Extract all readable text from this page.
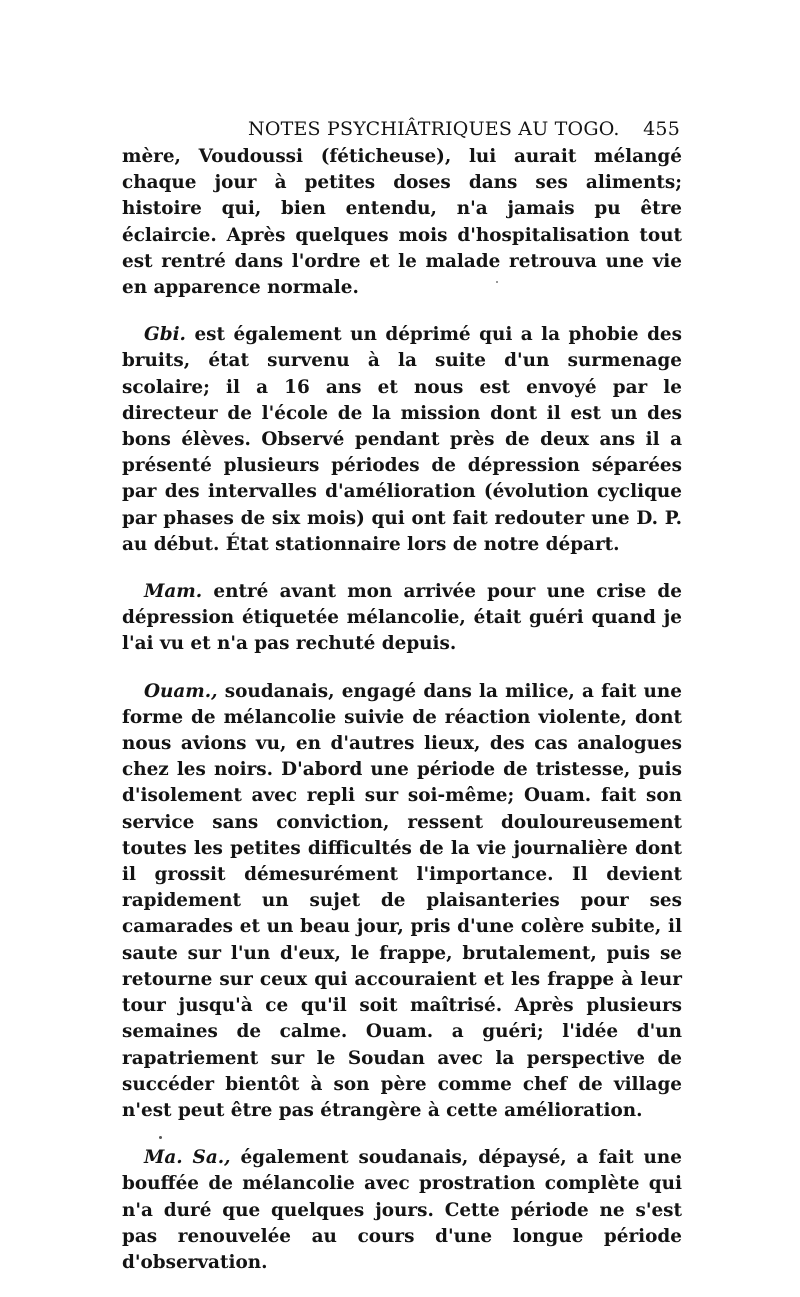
NOTES PSYCHIÂTRIQUES AU TOGO. 455

mère, Voudoussi (féticheuse), lui aurait mélangé chaque jour à petites doses dans ses aliments; histoire qui, bien entendu, n'a jamais pu être éclaircie. Après quelques mois d'hospitalisation tout est rentré dans l'ordre et le malade retrouva une vie en apparence normale.

Gbi. est également un déprimé qui a la phobie des bruits, état survenu à la suite d'un surmenage scolaire; il a 16 ans et nous est envoyé par le directeur de l'école de la mission dont il est un des bons élèves. Observé pendant près de deux ans il a présenté plusieurs périodes de dépression séparées par des intervalles d'amélioration (évolution cyclique par phases de six mois) qui ont fait redouter une D. P. au début. État stationnaire lors de notre départ.

Mam. entré avant mon arrivée pour une crise de dépression étiquetée mélancolie, était guéri quand je l'ai vu et n'a pas rechuté depuis.

Ouam., soudanais, engagé dans la milice, a fait une forme de mélancolie suivie de réaction violente, dont nous avions vu, en d'autres lieux, des cas analogues chez les noirs. D'abord une période de tristesse, puis d'isolement avec repli sur soi-même; Ouam. fait son service sans conviction, ressent douloureusement toutes les petites difficultés de la vie journalière dont il grossit démesurément l'importance. Il devient rapidement un sujet de plaisanteries pour ses camarades et un beau jour, pris d'une colère subite, il saute sur l'un d'eux, le frappe, brutalement, puis se retourne sur ceux qui accouraient et les frappe à leur tour jusqu'à ce qu'il soit maîtrisé. Après plusieurs semaines de calme. Ouam. a guéri; l'idée d'un rapatriement sur le Soudan avec la perspective de succéder bientôt à son père comme chef de village n'est peut être pas étrangère à cette amélioration.

Ma. Sa., également soudanais, dépaysé, a fait une bouffée de mélancolie avec prostration complète qui n'a duré que quelques jours. Cette période ne s'est pas renouvelée au cours d'une longue période d'observation.
